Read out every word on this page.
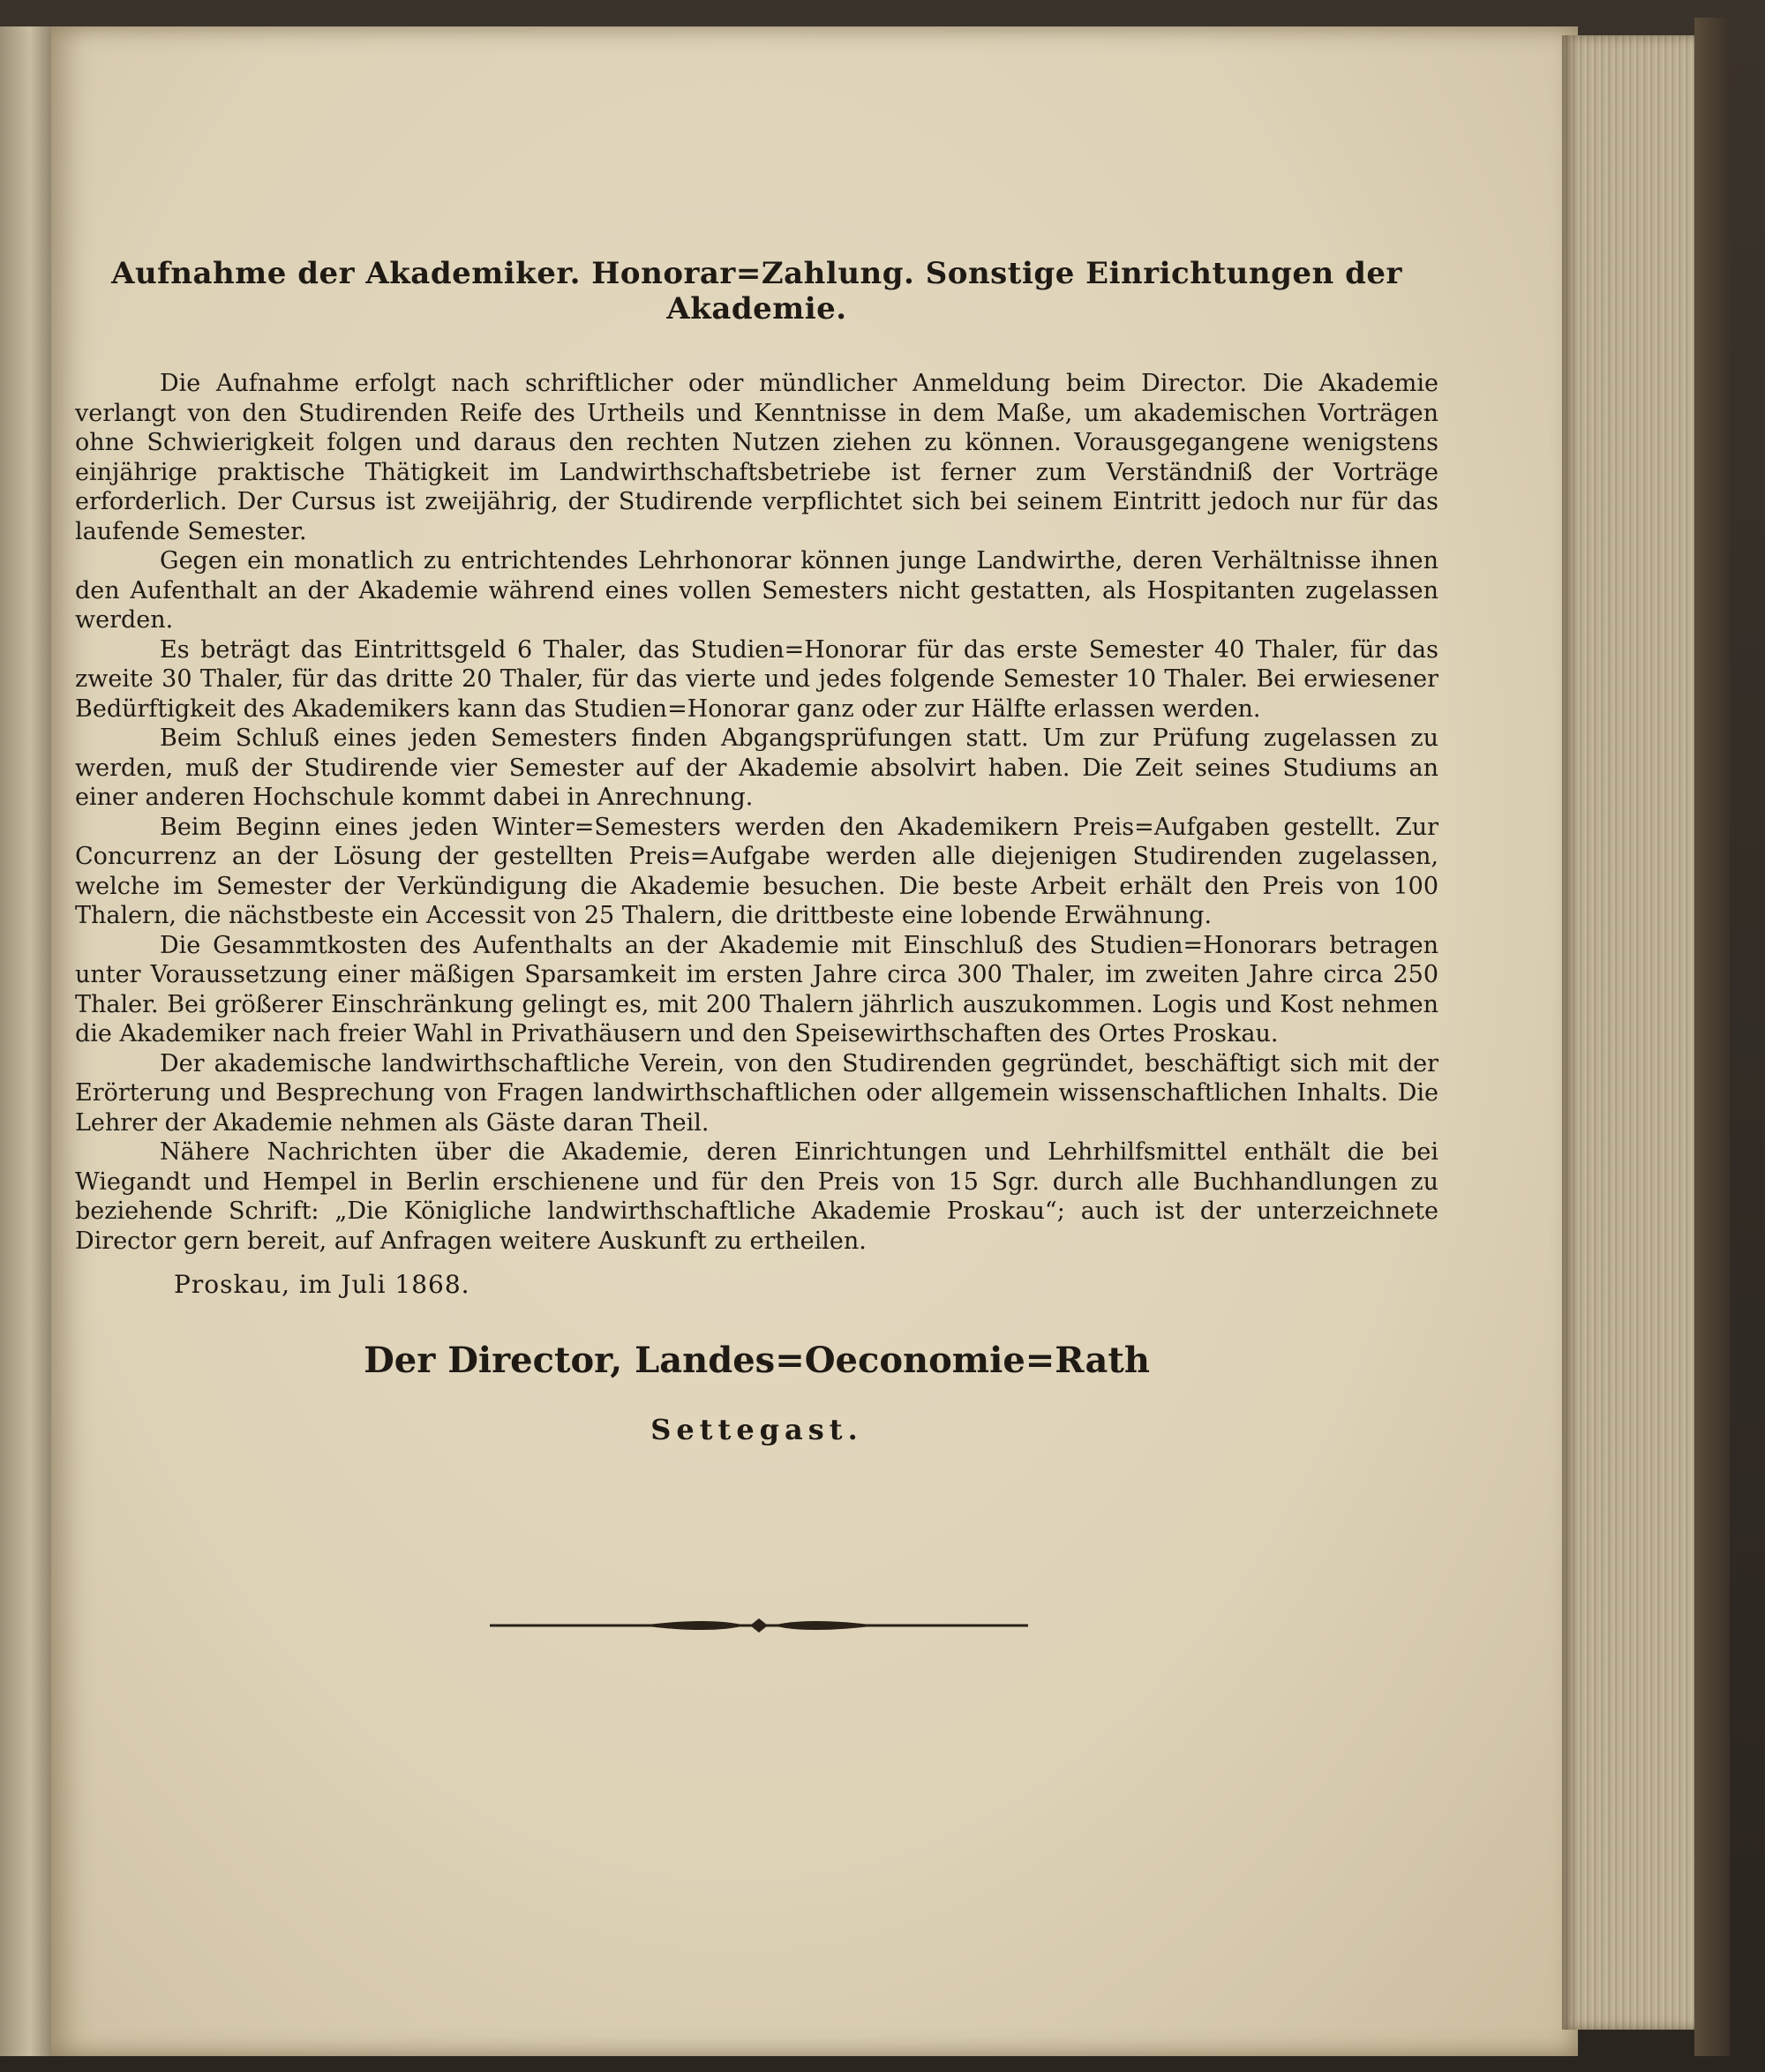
Aufnahme der Akademiker. Honorar=Zahlung. Sonstige Einrichtungen der Akademie.

Die Aufnahme erfolgt nach schriftlicher oder mündlicher Anmeldung beim Director. Die Akademie verlangt von den Studirenden Reife des Urtheils und Kenntnisse in dem Maße, um akademischen Vorträgen ohne Schwierigkeit folgen und daraus den rechten Nutzen ziehen zu können. Vorausgegangene wenigstens einjährige praktische Thätigkeit im Landwirthschaftsbetriebe ist ferner zum Verständniß der Vorträge erforderlich. Der Cursus ist zweijährig, der Studirende verpflichtet sich bei seinem Eintritt jedoch nur für das laufende Semester.

Gegen ein monatlich zu entrichtendes Lehrhonorar können junge Landwirthe, deren Verhältnisse ihnen den Aufenthalt an der Akademie während eines vollen Semesters nicht gestatten, als Hospitanten zugelassen werden.

Es beträgt das Eintrittsgeld 6 Thaler, das Studien=Honorar für das erste Semester 40 Thaler, für das zweite 30 Thaler, für das dritte 20 Thaler, für das vierte und jedes folgende Semester 10 Thaler. Bei erwiesener Bedürftigkeit des Akademikers kann das Studien=Honorar ganz oder zur Hälfte erlassen werden.

Beim Schluß eines jeden Semesters finden Abgangsprüfungen statt. Um zur Prüfung zugelassen zu werden, muß der Studirende vier Semester auf der Akademie absolvirt haben. Die Zeit seines Studiums an einer anderen Hochschule kommt dabei in Anrechnung.

Beim Beginn eines jeden Winter=Semesters werden den Akademikern Preis=Aufgaben gestellt. Zur Concurrenz an der Lösung der gestellten Preis=Aufgabe werden alle diejenigen Studirenden zugelassen, welche im Semester der Verkündigung die Akademie besuchen. Die beste Arbeit erhält den Preis von 100 Thalern, die nächstbeste ein Accessit von 25 Thalern, die drittbeste eine lobende Erwähnung.

Die Gesammtkosten des Aufenthalts an der Akademie mit Einschluß des Studien=Honorars betragen unter Voraussetzung einer mäßigen Sparsamkeit im ersten Jahre circa 300 Thaler, im zweiten Jahre circa 250 Thaler. Bei größerer Einschränkung gelingt es, mit 200 Thalern jährlich auszukommen. Logis und Kost nehmen die Akademiker nach freier Wahl in Privathäusern und den Speisewirthschaften des Ortes Proskau.

Der akademische landwirthschaftliche Verein, von den Studirenden gegründet, beschäftigt sich mit der Erörterung und Besprechung von Fragen landwirthschaftlichen oder allgemein wissenschaftlichen Inhalts. Die Lehrer der Akademie nehmen als Gäste daran Theil.

Nähere Nachrichten über die Akademie, deren Einrichtungen und Lehrhilfsmittel enthält die bei Wiegandt und Hempel in Berlin erschienene und für den Preis von 15 Sgr. durch alle Buchhandlungen zu beziehende Schrift: „Die Königliche landwirthschaftliche Akademie Proskau“; auch ist der unterzeichnete Director gern bereit, auf Anfragen weitere Auskunft zu ertheilen.

Proskau, im Juli 1868.

Der Director, Landes=Oeconomie=Rath

Settegast.
